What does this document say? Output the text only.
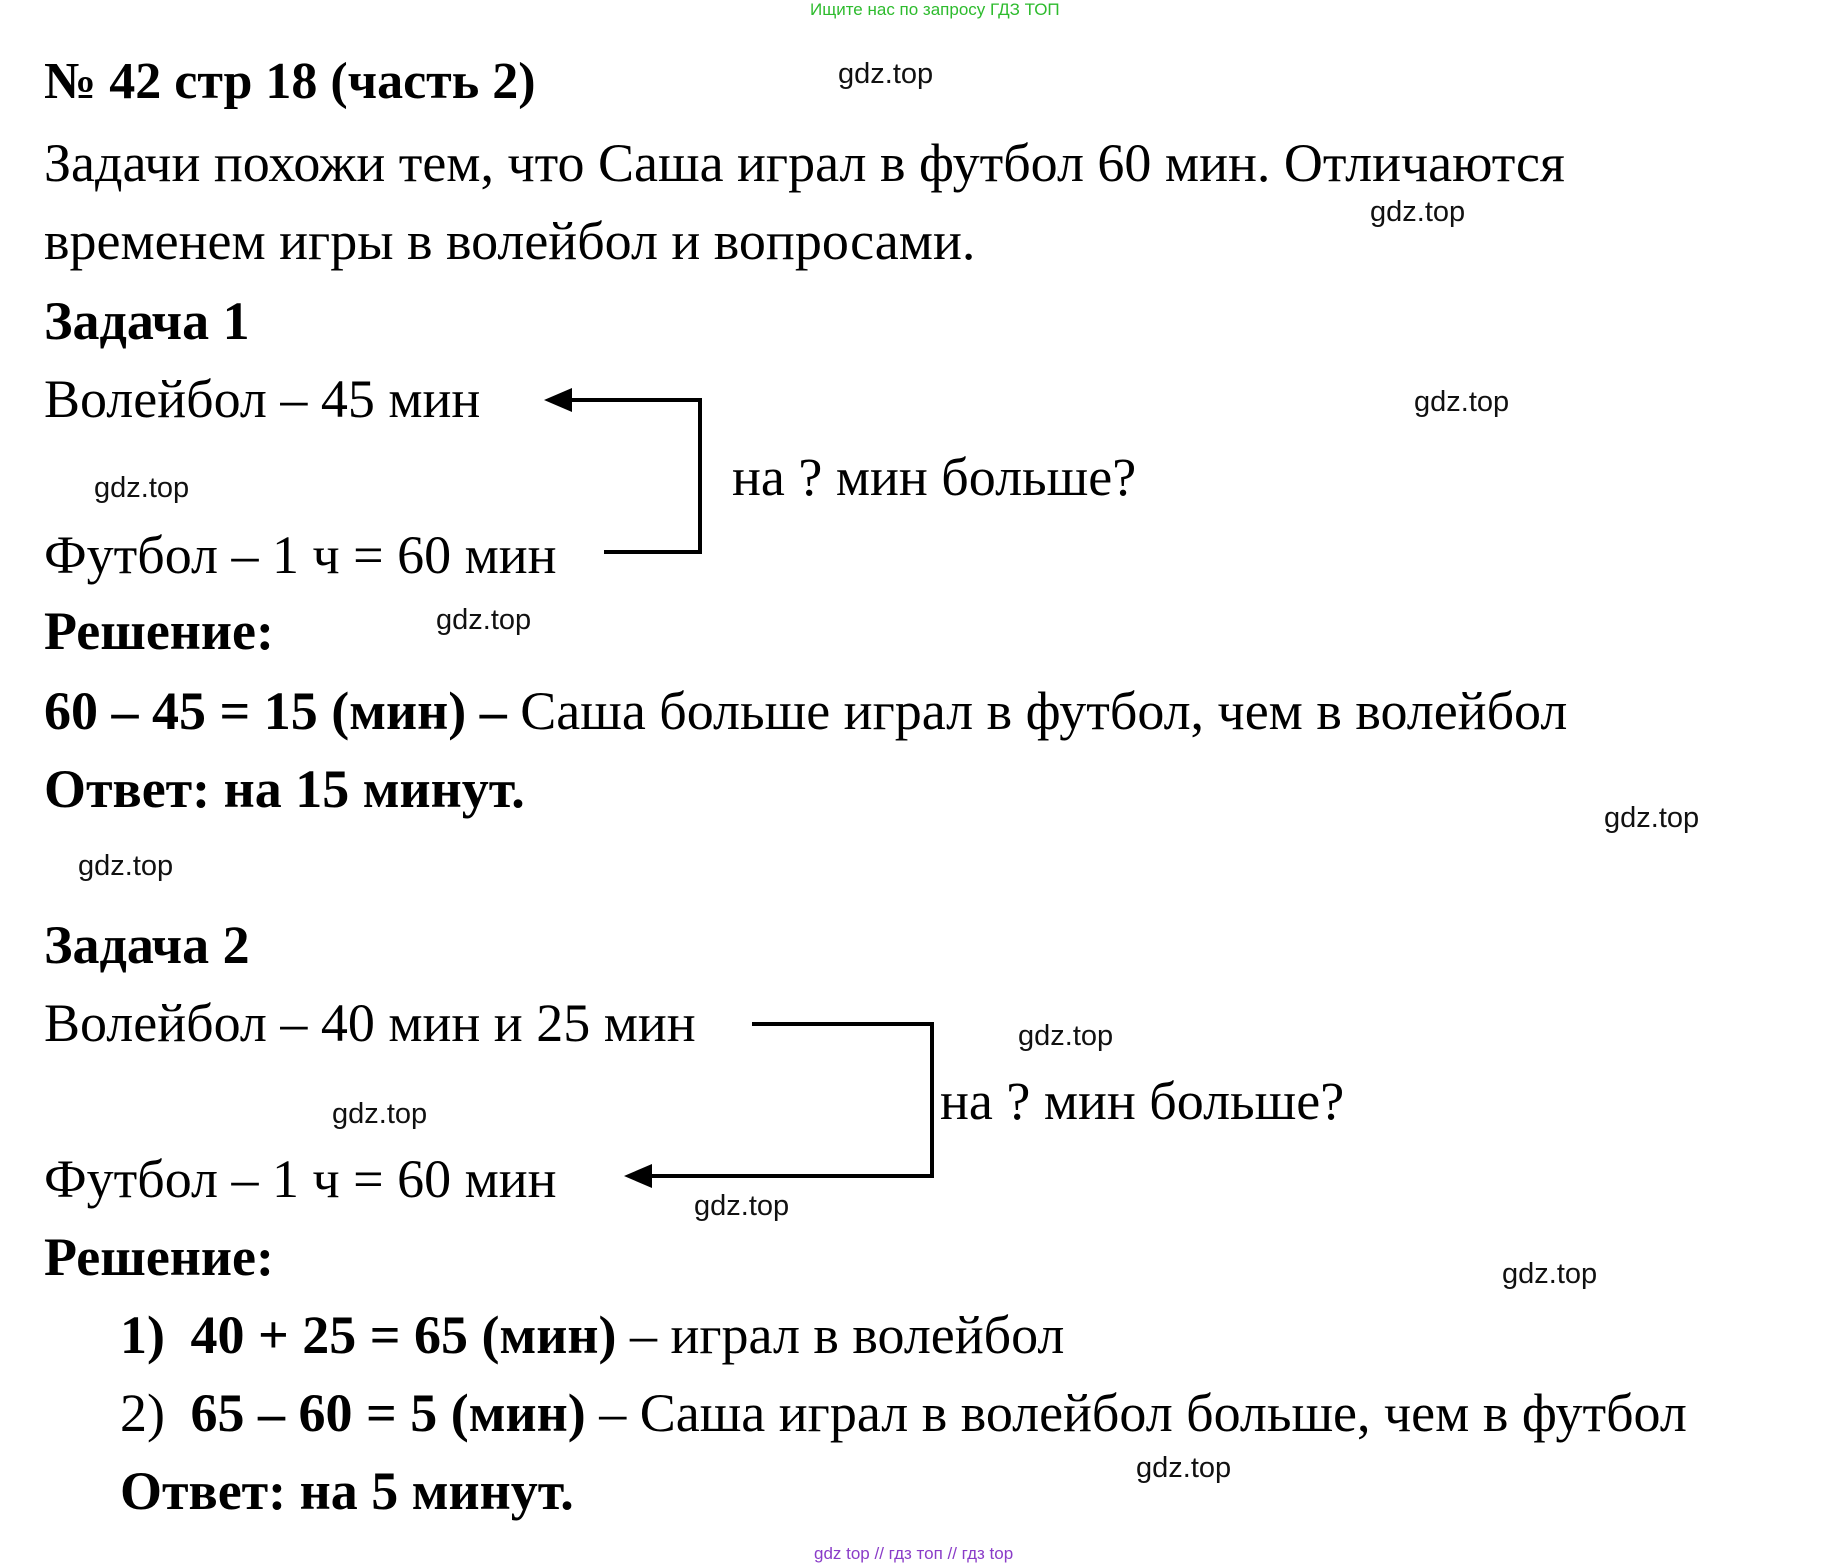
Ищите нас по запросу ГДЗ ТОП
№ 42 стр 18 (часть 2)
Задачи похожи тем, что Саша играл в футбол 60 мин. Отличаются
временем игры в волейбол и вопросами.
Задача 1
Волейбол – 45 мин
на ? мин больше?
Футбол – 1 ч = 60 мин
Решение:
60 – 45 = 15 (мин) – Саша больше играл в футбол, чем в волейбол
Ответ: на 15 минут.
Задача 2
Волейбол – 40 мин и 25 мин
на ? мин больше?
Футбол – 1 ч = 60 мин
Решение:
1) 40 + 25 = 65 (мин) – играл в волейбол
2) 65 – 60 = 5 (мин) – Саша играл в волейбол больше, чем в футбол
Ответ: на 5 минут.
gdz.top
gdz.top
gdz.top
gdz.top
gdz.top
gdz.top
gdz.top
gdz.top
gdz.top
gdz.top
gdz.top
gdz.top
gdz top // гдз топ // гдз top
